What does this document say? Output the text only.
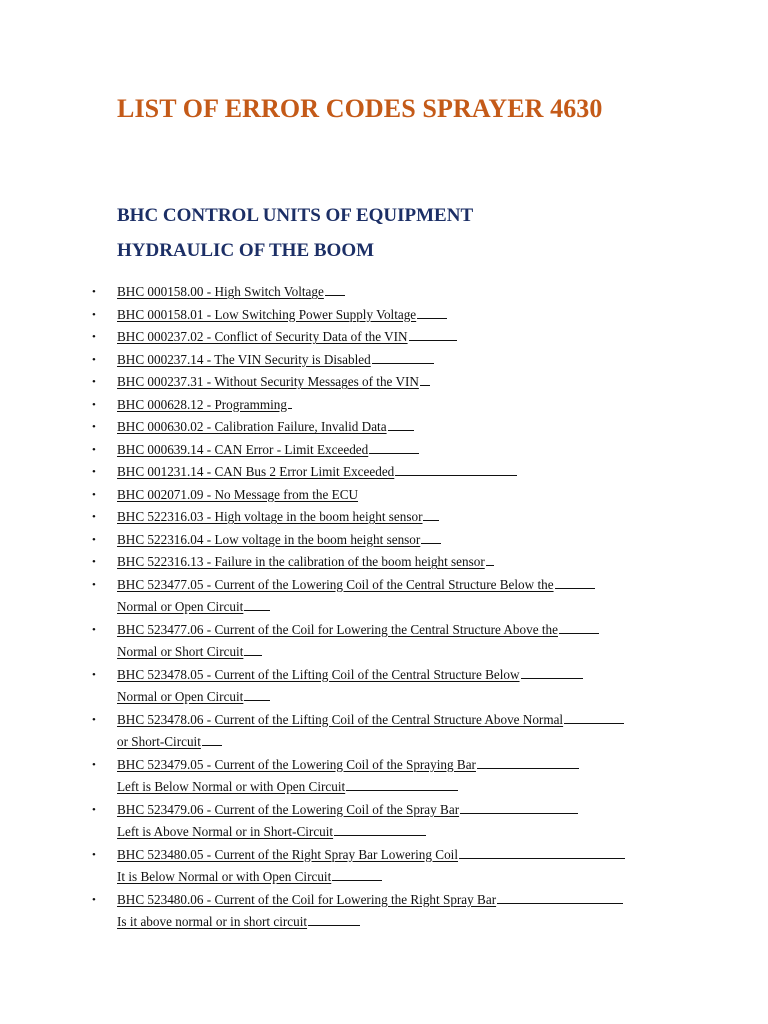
LIST OF ERROR CODES SPRAYER 4630
BHC CONTROL UNITS OF EQUIPMENT
HYDRAULIC OF THE BOOM
• BHC 000158.00 - High Switch Voltage
• BHC 000158.01 - Low Switching Power Supply Voltage
• BHC 000237.02 - Conflict of Security Data of the VIN
• BHC 000237.14 - The VIN Security is Disabled
• BHC 000237.31 - Without Security Messages of the VIN
• BHC 000628.12 - Programming
• BHC 000630.02 - Calibration Failure, Invalid Data
• BHC 000639.14 - CAN Error - Limit Exceeded
• BHC 001231.14 - CAN Bus 2 Error Limit Exceeded
• BHC 002071.09 - No Message from the ECU
• BHC 522316.03 - High voltage in the boom height sensor
• BHC 522316.04 - Low voltage in the boom height sensor
• BHC 522316.13 - Failure in the calibration of the boom height sensor
• BHC 523477.05 - Current of the Lowering Coil of the Central Structure Below the
Normal or Open Circuit
• BHC 523477.06 - Current of the Coil for Lowering the Central Structure Above the
Normal or Short Circuit
• BHC 523478.05 - Current of the Lifting Coil of the Central Structure Below
Normal or Open Circuit
• BHC 523478.06 - Current of the Lifting Coil of the Central Structure Above Normal
or Short-Circuit
• BHC 523479.05 - Current of the Lowering Coil of the Spraying Bar
Left is Below Normal or with Open Circuit
• BHC 523479.06 - Current of the Lowering Coil of the Spray Bar
Left is Above Normal or in Short-Circuit
• BHC 523480.05 - Current of the Right Spray Bar Lowering Coil
It is Below Normal or with Open Circuit
• BHC 523480.06 - Current of the Coil for Lowering the Right Spray Bar
Is it above normal or in short circuit
